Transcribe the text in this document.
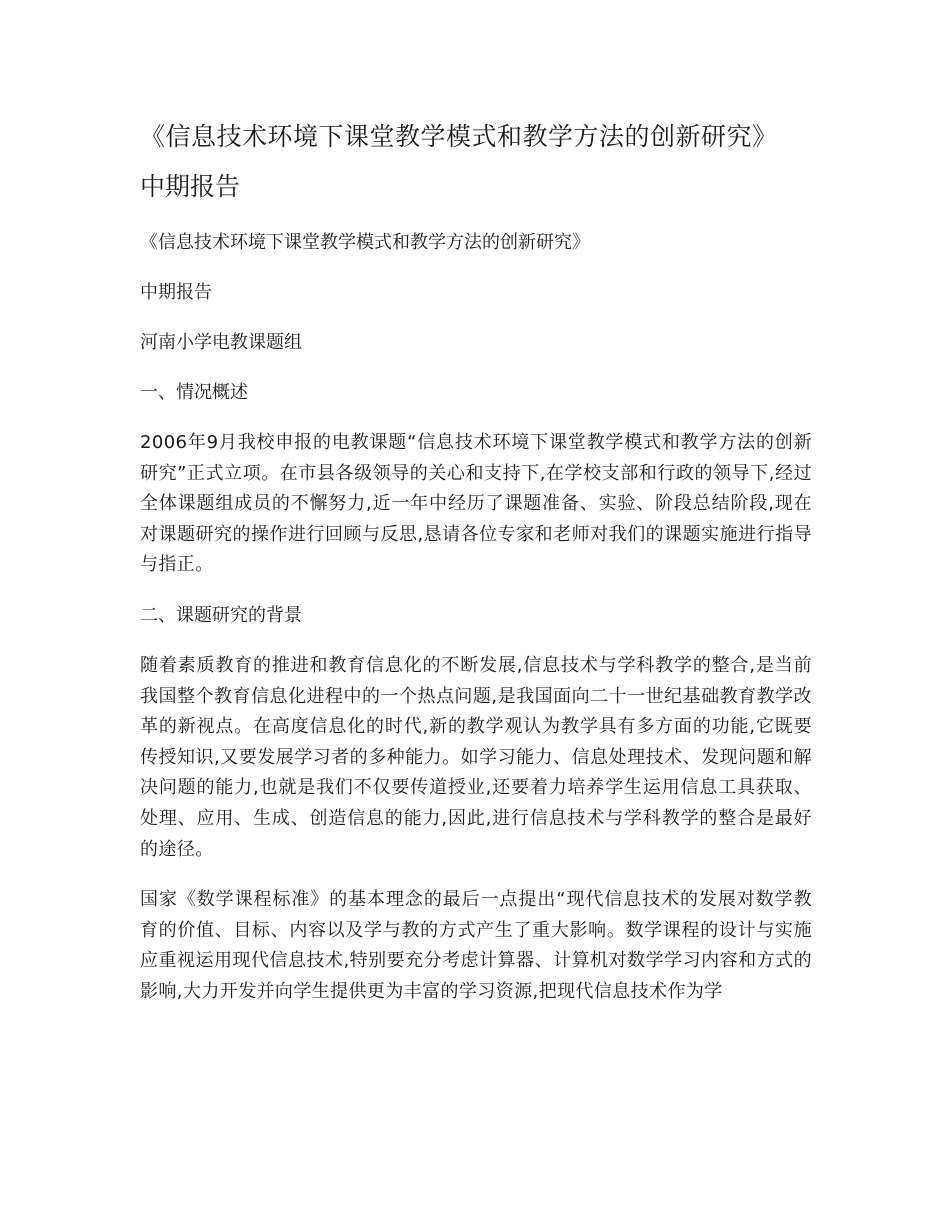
《信息技术环境下课堂教学模式和教学方法的创新研究》
中期报告

《信息技术环境下课堂教学模式和教学方法的创新研究》

中期报告

河南小学电教课题组

一、情况概述

2006年9月我校申报的电教课题“信息技术环境下课堂教学模式和教学方法的创新研究”正式立项。在市县各级领导的关心和支持下,在学校支部和行政的领导下,经过全体课题组成员的不懈努力,近一年中经历了课题准备、实验、阶段总结阶段,现在对课题研究的操作进行回顾与反思,恳请各位专家和老师对我们的课题实施进行指导与指正。

二、课题研究的背景

随着素质教育的推进和教育信息化的不断发展,信息技术与学科教学的整合,是当前我国整个教育信息化进程中的一个热点问题,是我国面向二十一世纪基础教育教学改革的新视点。在高度信息化的时代,新的教学观认为教学具有多方面的功能,它既要传授知识,又要发展学习者的多种能力。如学习能力、信息处理技术、发现问题和解决问题的能力,也就是我们不仅要传道授业,还要着力培养学生运用信息工具获取、处理、应用、生成、创造信息的能力,因此,进行信息技术与学科教学的整合是最好的途径。

国家《数学课程标准》的基本理念的最后一点提出“现代信息技术的发展对数学教育的价值、目标、内容以及学与教的方式产生了重大影响。数学课程的设计与实施应重视运用现代信息技术,特别要充分考虑计算器、计算机对数学学习内容和方式的影响,大力开发并向学生提供更为丰富的学习资源,把现代信息技术作为学
